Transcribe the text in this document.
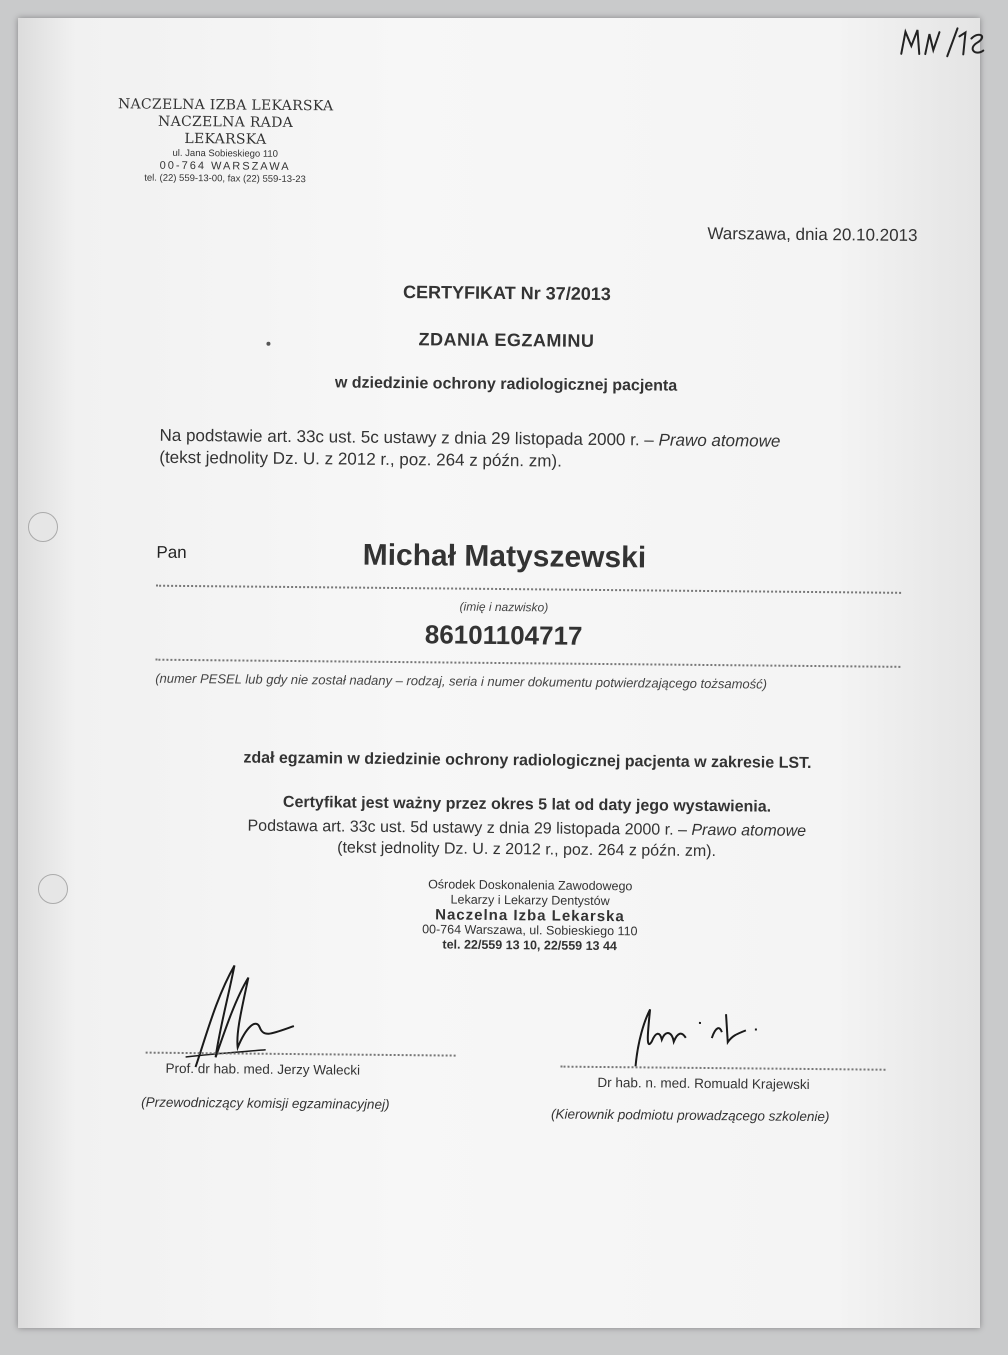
NACZELNA IZBA LEKARSKA
NACZELNA RADA LEKARSKA
ul. Jana Sobieskiego 110
00-764 WARSZAWA
tel. (22) 559-13-00, fax (22) 559-13-23
Warszawa, dnia 20.10.2013
CERTYFIKAT Nr 37/2013
ZDANIA EGZAMINU
w dziedzinie ochrony radiologicznej pacjenta
Na podstawie art. 33c ust. 5c ustawy z dnia 29 listopada 2000 r. – Prawo atomowe
(tekst jednolity Dz. U. z 2012 r., poz. 264 z późn. zm).
Pan	Michał Matyszewski
(imię i nazwisko)
86101104717
(numer PESEL lub gdy nie został nadany – rodzaj, seria i numer dokumentu potwierdzającego tożsamość)
zdał egzamin w dziedzinie ochrony radiologicznej pacjenta w zakresie LST.
Certyfikat jest ważny przez okres 5 lat od daty jego wystawienia.
Podstawa art. 33c ust. 5d ustawy z dnia 29 listopada 2000 r. – Prawo atomowe
(tekst jednolity Dz. U. z 2012 r., poz. 264 z późn. zm).
Ośrodek Doskonalenia Zawodowego
Lekarzy i Lekarzy Dentystów
Naczelna Izba Lekarska
00-764 Warszawa, ul. Sobieskiego 110
tel. 22/559 13 10, 22/559 13 44
Prof. dr hab. med. Jerzy Walecki
(Przewodniczący komisji egzaminacyjnej)
Dr hab. n. med. Romuald Krajewski
(Kierownik podmiotu prowadzącego szkolenie)
